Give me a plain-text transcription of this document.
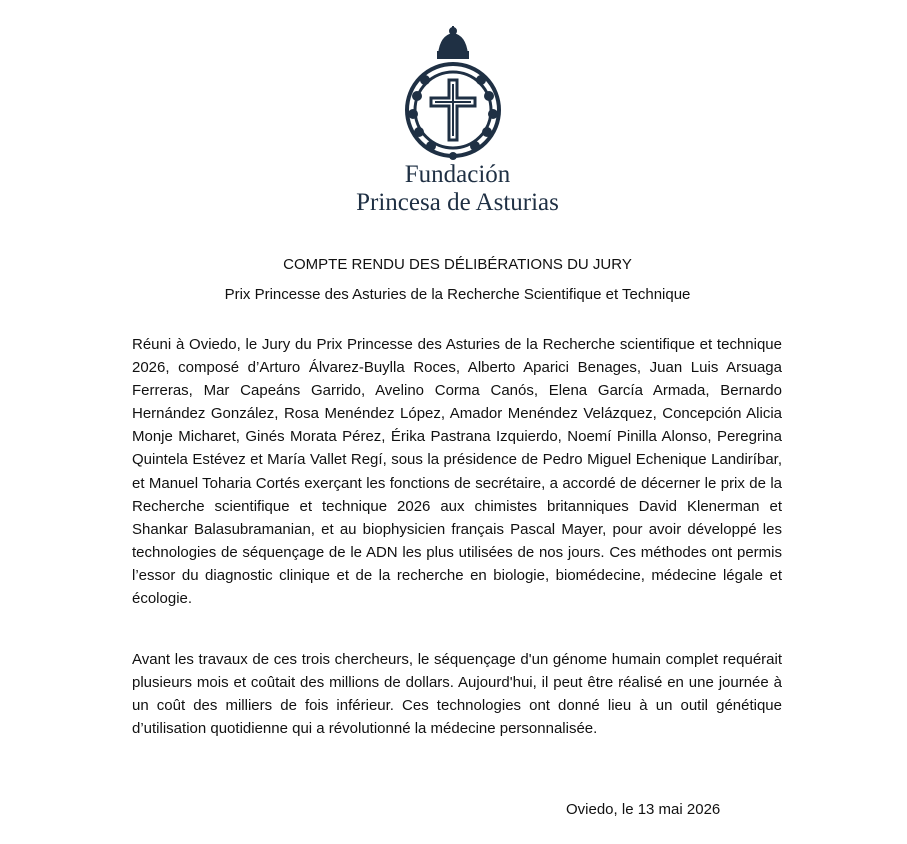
Fundación
Princesa de Asturias
COMPTE RENDU DES DÉLIBÉRATIONS DU JURY
Prix Princesse des Asturies de la Recherche Scientifique et Technique

Réuni à Oviedo, le Jury du Prix Princesse des Asturies de la Recherche scientifique et technique 2026, composé d’Arturo Álvarez-Buylla Roces, Alberto Aparici Benages, Juan Luis Arsuaga Ferreras, Mar Capeáns Garrido, Avelino Corma Canós, Elena García Armada, Bernardo Hernández González, Rosa Menéndez López, Amador Menéndez Velázquez, Concepción Alicia Monje Micharet, Ginés Morata Pérez, Érika Pastrana Izquierdo, Noemí Pinilla Alonso, Peregrina Quintela Estévez et María Vallet Regí, sous la présidence de Pedro Miguel Echenique Landiríbar, et Manuel Toharia Cortés exerçant les fonctions de secrétaire, a accordé de décerner le prix de la Recherche scientifique et technique 2026 aux chimistes britanniques David Klenerman et Shankar Balasubramanian, et au biophysicien français Pascal Mayer, pour avoir développé les technologies de séquençage de le ADN les plus utilisées de nos jours. Ces méthodes ont permis l’essor du diagnostic clinique et de la recherche en biologie, biomédecine, médecine légale et écologie.

Avant les travaux de ces trois chercheurs, le séquençage d'un génome humain complet requérait plusieurs mois et coûtait des millions de dollars. Aujourd'hui, il peut être réalisé en une journée à un coût des milliers de fois inférieur. Ces technologies ont donné lieu à un outil génétique d’utilisation quotidienne qui a révolutionné la médecine personnalisée.

Oviedo, le 13 mai 2026
